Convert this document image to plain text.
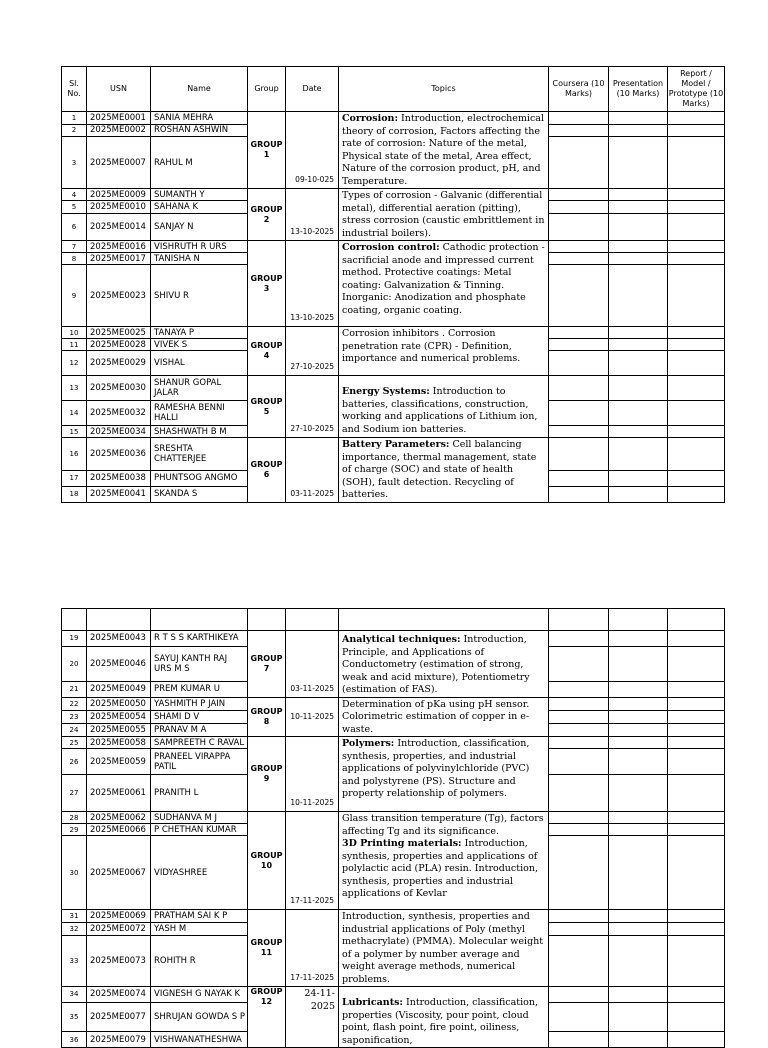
Sl. No.	USN	Name	Group	Date	Topics	Coursera (10 Marks)	Presentation (10 Marks)	Report / Model / Prototype (10 Marks)
1	2025ME0001	SANIA MEHRA	GROUP 1	09-10-025	Corrosion: Introduction, electrochemical theory of corrosion, Factors affecting the rate of corrosion: Nature of the metal, Physical state of the metal, Area effect, Nature of the corrosion product, pH, and Temperature.			
2	2025ME0002	ROSHAN ASHWIN						
3	2025ME0007	RAHUL M						
4	2025ME0009	SUMANTH Y	GROUP 2	13-10-2025	Types of corrosion - Galvanic (differential metal), differential aeration (pitting), stress corrosion (caustic embrittlement in industrial boilers).			
5	2025ME0010	SAHANA K						
6	2025ME0014	SANJAY N						
7	2025ME0016	VISHRUTH R URS	GROUP 3	13-10-2025	Corrosion control: Cathodic protection - sacrificial anode and impressed current method. Protective coatings: Metal coating: Galvanization & Tinning. Inorganic: Anodization and phosphate coating, organic coating.			
8	2025ME0017	TANISHA N						
9	2025ME0023	SHIVU R						
10	2025ME0025	TANAYA P	GROUP 4	27-10-2025	Corrosion inhibitors . Corrosion penetration rate (CPR) - Definition, importance and numerical problems.			
11	2025ME0028	VIVEK S						
12	2025ME0029	VISHAL						
13	2025ME0030	SHANUR GOPAL JALAR	GROUP 5	27-10-2025	Energy Systems: Introduction to batteries, classifications, construction, working and applications of Lithium ion, and Sodium ion batteries.			
14	2025ME0032	RAMESHA BENNI HALLI						
15	2025ME0034	SHASHWATH B M						
16	2025ME0036	SRESHTA CHATTERJEE	GROUP 6	03-11-2025	Battery Parameters: Cell balancing importance, thermal management, state of charge (SOC) and state of health (SOH), fault detection. Recycling of batteries.			
17	2025ME0038	PHUNTSOG ANGMO						
18	2025ME0041	SKANDA S						

19	2025ME0043	R T S S KARTHIKEYA	GROUP 7	03-11-2025	Analytical techniques: Introduction, Principle, and Applications of Conductometry (estimation of strong, weak and acid mixture), Potentiometry (estimation of FAS).			
20	2025ME0046	SAYUJ KANTH RAJ URS M S						
21	2025ME0049	PREM KUMAR U						
22	2025ME0050	YASHMITH P JAIN	GROUP 8	10-11-2025	Determination of pKa using pH sensor. Colorimetric estimation of copper in e- waste.			
23	2025ME0054	SHAMI D V						
24	2025ME0055	PRANAV M A						
25	2025ME0058	SAMPREETH C RAVAL	GROUP 9	10-11-2025	Polymers: Introduction, classification, synthesis, properties, and industrial applications of polyvinylchloride (PVC) and polystyrene (PS). Structure and property relationship of polymers.			
26	2025ME0059	PRANEEL VIRAPPA PATIL						
27	2025ME0061	PRANITH L						
28	2025ME0062	SUDHANVA M J	GROUP 10	17-11-2025	Glass transition temperature (Tg), factors affecting Tg and its significance.
3D Printing materials: Introduction, synthesis, properties and applications of polylactic acid (PLA) resin. Introduction, synthesis, properties and industrial applications of Kevlar			
29	2025ME0066	P CHETHAN KUMAR						
30	2025ME0067	VIDYASHREE						
31	2025ME0069	PRATHAM SAI K P	GROUP 11	17-11-2025	Introduction, synthesis, properties and industrial applications of Poly (methyl methacrylate) (PMMA). Molecular weight of a polymer by number average and weight average methods, numerical problems.			
32	2025ME0072	YASH M						
33	2025ME0073	ROHITH R						
34	2025ME0074	VIGNESH G NAYAK K	GROUP 12	24-11-2025	Lubricants: Introduction, classification, properties (Viscosity, pour point, cloud point, flash point, fire point, oiliness, saponification,			
35	2025ME0077	SHRUJAN GOWDA S P						
36	2025ME0079	VISHWANATHESHWA						
